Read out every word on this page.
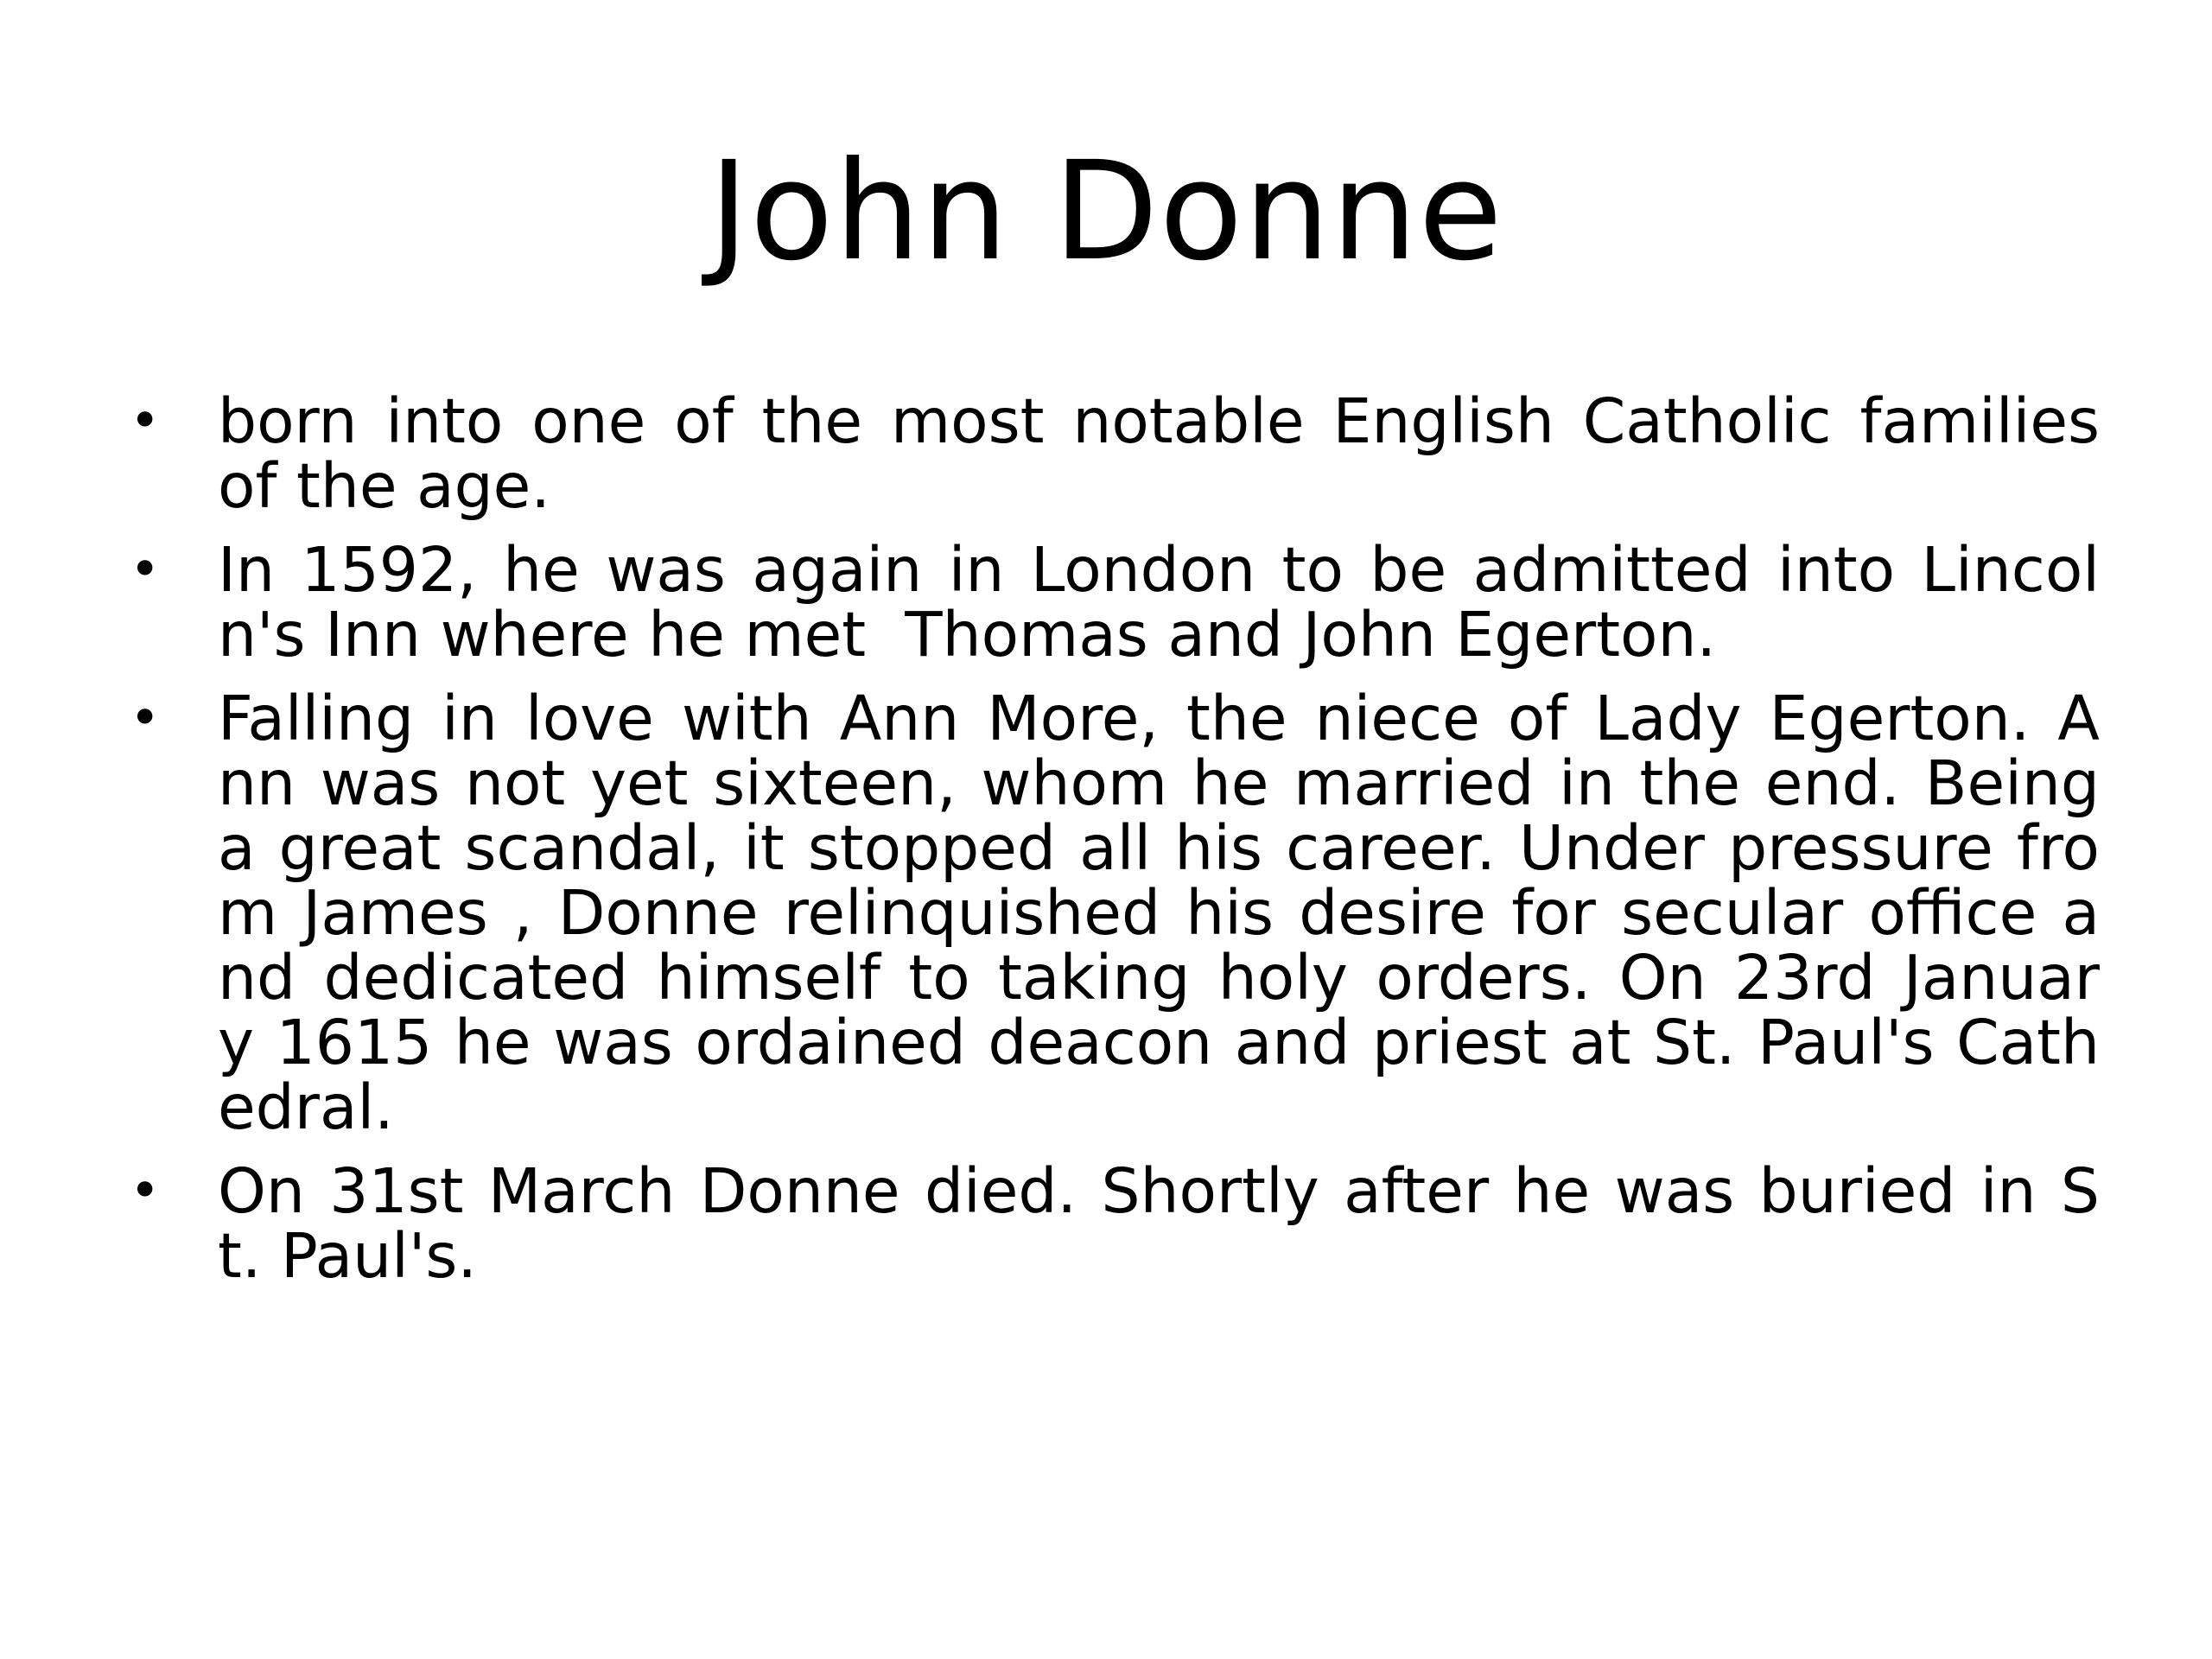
John Donne
• born into one of the most notable English Catholic families
of the age.
• In 1592, he was again in London to be admitted into Lincol
n's Inn where he met  Thomas and John Egerton.
• Falling in love with Ann More, the niece of Lady Egerton. A
nn was not yet sixteen, whom he married in the end. Being
a great scandal, it stopped all his career. Under pressure fro
m James , Donne relinquished his desire for secular office a
nd dedicated himself to taking holy orders. On 23rd Januar
y 1615 he was ordained deacon and priest at St. Paul's Cath
edral.
• On 31st March Donne died. Shortly after he was buried in S
t. Paul's.
